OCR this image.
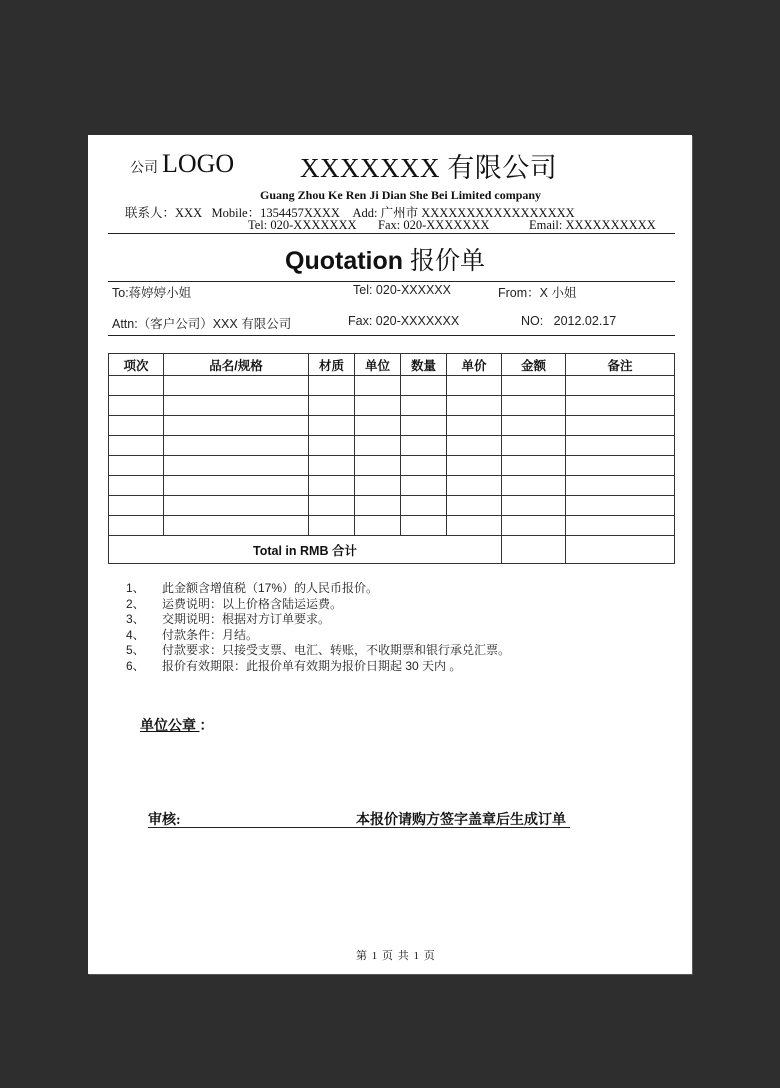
公司 LOGO XXXXXXX 有限公司
Guang Zhou Ke Ren Ji Dian She Bei Limited company
联系人：XXX Mobile：1354457XXXX Add: 广州市 XXXXXXXXXXXXXXXXX
Tel: 020-XXXXXXX Fax: 020-XXXXXXX	Email: XXXXXXXXXX
Quotation 报价单
To:蒋婷婷小姐	Tel: 020-XXXXXX	From：X 小姐
Attn:（客户公司）XXX 有限公司	Fax: 020-XXXXXXX	NO: 2012.02.17
项次	品名/规格	材质	单位	数量	单价	金额	备注

Total in RMB 合计							
1、 此金额含增值税（17%）的人民币报价。
2、 运费说明：以上价格含陆运运费。
3、 交期说明：根据对方订单要求。
4、 付款条件：月结。
5、 付款要求：只接受支票、电汇、转账，不收期票和银行承兑汇票。
6、 报价有效期限：此报价单有效期为报价日期起 30 天内 。
单位公章 ：
审核:	本报价请购方签字盖章后生成订单
第 1 页 共 1 页
